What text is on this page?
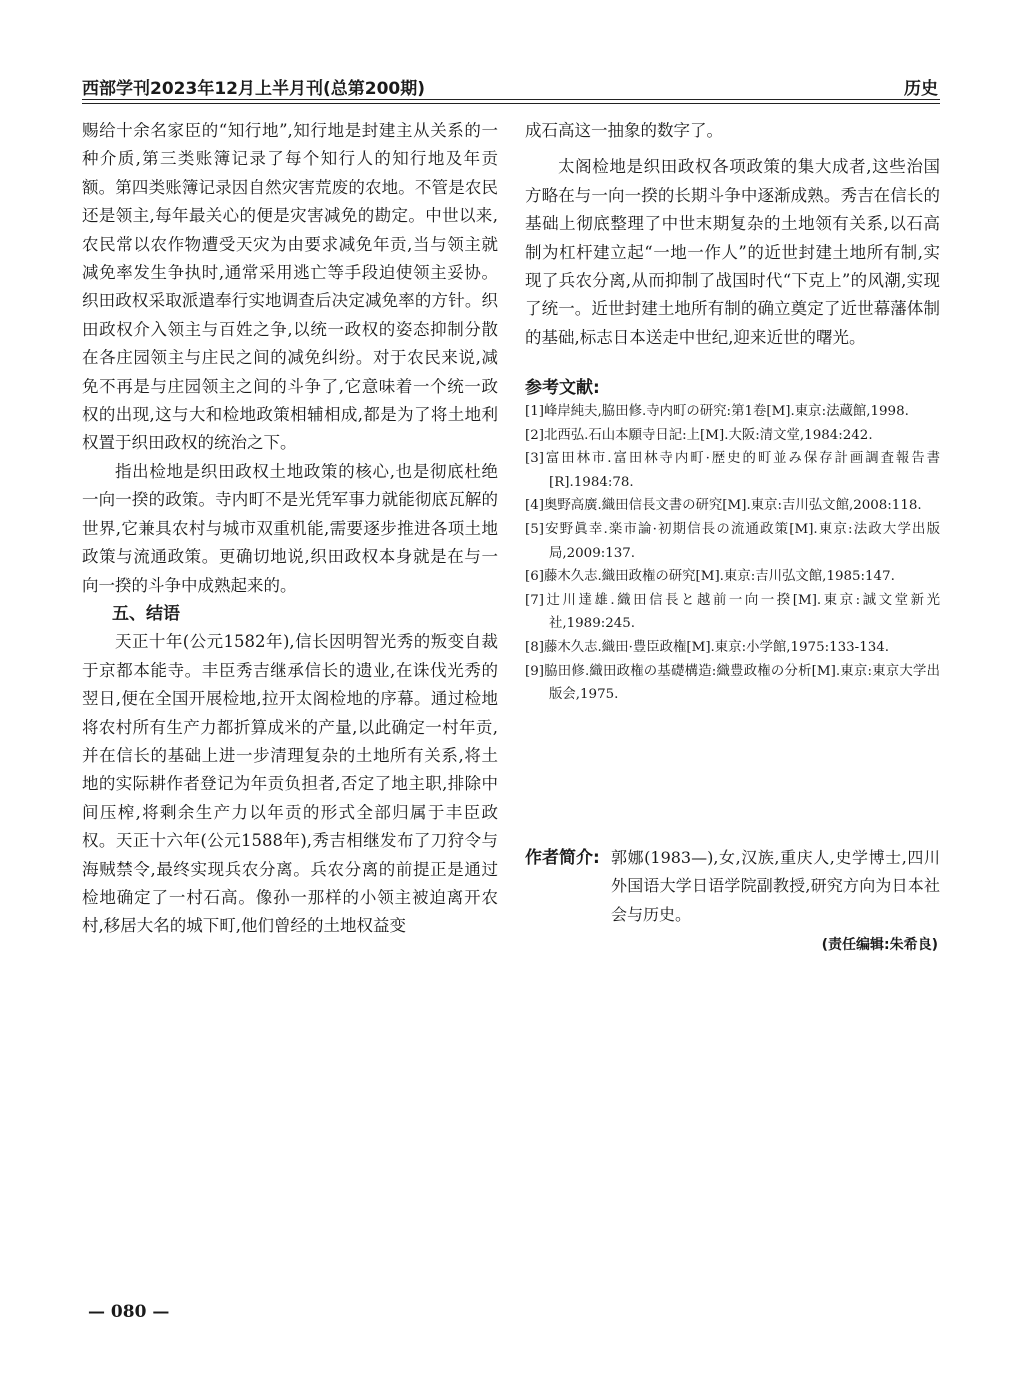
西部学刊2023年12月上半月刊(总第200期)	历史

赐给十余名家臣的“知行地”,知行地是封建主从关系的一种介质,第三类账簿记录了每个知行人的知行地及年贡额。第四类账簿记录因自然灾害荒废的农地。不管是农民还是领主,每年最关心的便是灾害减免的勘定。中世以来,农民常以农作物遭受天灾为由要求减免年贡,当与领主就减免率发生争执时,通常采用逃亡等手段迫使领主妥协。织田政权采取派遣奉行实地调查后决定减免率的方针。织田政权介入领主与百姓之争,以统一政权的姿态抑制分散在各庄园领主与庄民之间的减免纠纷。对于农民来说,减免不再是与庄园领主之间的斗争了,它意味着一个统一政权的出现,这与大和检地政策相辅相成,都是为了将土地利权置于织田政权的统治之下。

指出检地是织田政权土地政策的核心,也是彻底杜绝一向一揆的政策。寺内町不是光凭军事力就能彻底瓦解的世界,它兼具农村与城市双重机能,需要逐步推进各项土地政策与流通政策。更确切地说,织田政权本身就是在与一向一揆的斗争中成熟起来的。

五、结语

天正十年(公元1582年),信长因明智光秀的叛变自裁于京都本能寺。丰臣秀吉继承信长的遗业,在诛伐光秀的翌日,便在全国开展检地,拉开太阁检地的序幕。通过检地将农村所有生产力都折算成米的产量,以此确定一村年贡,并在信长的基础上进一步清理复杂的土地所有关系,将土地的实际耕作者登记为年贡负担者,否定了地主职,排除中间压榨,将剩余生产力以年贡的形式全部归属于丰臣政权。天正十六年(公元1588年),秀吉相继发布了刀狩令与海贼禁令,最终实现兵农分离。兵农分离的前提正是通过检地确定了一村石高。像孙一那样的小领主被迫离开农村,移居大名的城下町,他们曾经的土地权益变

成石高这一抽象的数字了。

太阁检地是织田政权各项政策的集大成者,这些治国方略在与一向一揆的长期斗争中逐渐成熟。秀吉在信长的基础上彻底整理了中世末期复杂的土地领有关系,以石高制为杠杆建立起“一地一作人”的近世封建土地所有制,实现了兵农分离,从而抑制了战国时代“下克上”的风潮,实现了统一。近世封建土地所有制的确立奠定了近世幕藩体制的基础,标志日本送走中世纪,迎来近世的曙光。

参考文献:
[1]峰岸純夫,脇田修.寺内町の研究:第1卷[M].東京:法蔵館,1998.
[2]北西弘.石山本願寺日記:上[M].大阪:清文堂,1984:242.
[3]富田林市.富田林寺内町·歴史的町並み保存計画調査報告書[R].1984:78.
[4]奥野高廣.織田信長文書の研究[M].東京:吉川弘文館,2008:118.
[5]安野眞幸.楽市論·初期信長の流通政策[M].東京:法政大学出版局,2009:137.
[6]藤木久志.織田政権の研究[M].東京:吉川弘文館,1985:147.
[7]辻川達雄.織田信長と越前一向一揆[M].東京:誠文堂新光社,1989:245.
[8]藤木久志.織田·豊臣政権[M].東京:小学館,1975:133-134.
[9]脇田修.織田政権の基礎構造:織豊政権の分析[M].東京:東京大学出版会,1975.
作者简介: 郭娜(1983—),女,汉族,重庆人,史学博士,四川外国语大学日语学院副教授,研究方向为日本社会与历史。
(责任编辑:朱希良)
— 080 —
